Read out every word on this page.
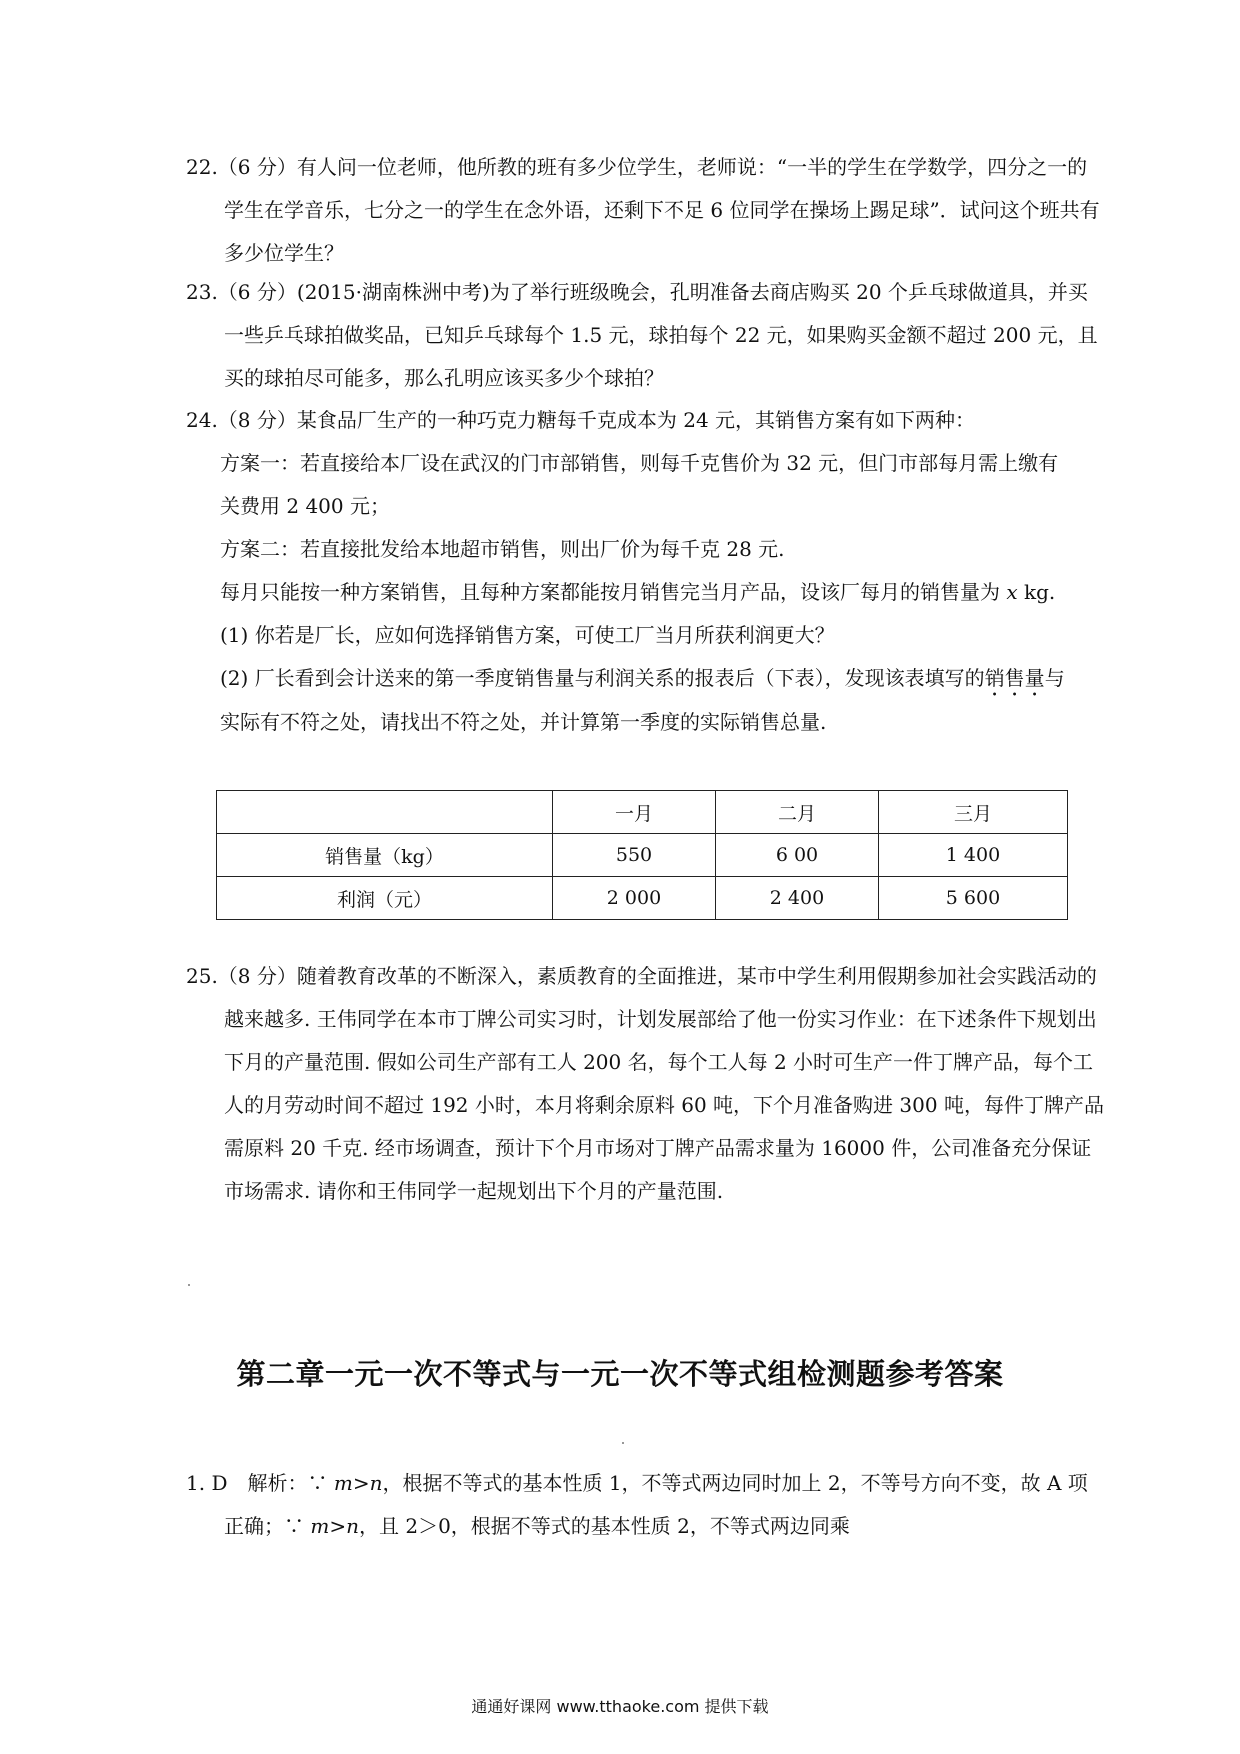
22.（6 分）有人问一位老师，他所教的班有多少位学生，老师说：“一半的学生在学数学，四分之一的学生在学音乐，七分之一的学生在念外语，还剩下不足 6 位同学在操场上踢足球”．试问这个班共有多少位学生？

23.（6 分）(2015·湖南株洲中考)为了举行班级晚会，孔明准备去商店购买 20 个乒乓球做道具，并买一些乒乓球拍做奖品，已知乒乓球每个 1.5 元，球拍每个 22 元，如果购买金额不超过 200 元，且买的球拍尽可能多，那么孔明应该买多少个球拍？

24.（8 分）某食品厂生产的一种巧克力糖每千克成本为 24 元，其销售方案有如下两种：

方案一：若直接给本厂设在武汉的门市部销售，则每千克售价为 32 元，但门市部每月需上缴有关费用 2 400 元；

方案二：若直接批发给本地超市销售，则出厂价为每千克 28 元.

每月只能按一种方案销售，且每种方案都能按月销售完当月产品，设该厂每月的销售量为 x kg.

(1) 你若是厂长，应如何选择销售方案，可使工厂当月所获利润更大？

(2) 厂长看到会计送来的第一季度销售量与利润关系的报表后（下表），发现该表填写的销售量与实际有不符之处，请找出不符之处，并计算第一季度的实际销售总量.

	一月	二月	三月
销售量（kg）	550	6 00	1 400
利润（元）	2 000	2 400	5 600

25.（8 分）随着教育改革的不断深入，素质教育的全面推进，某市中学生利用假期参加社会实践活动的越来越多. 王伟同学在本市丁牌公司实习时，计划发展部给了他一份实习作业：在下述条件下规划出下月的产量范围. 假如公司生产部有工人 200 名，每个工人每 2 小时可生产一件丁牌产品，每个工人的月劳动时间不超过 192 小时，本月将剩余原料 60 吨，下个月准备购进 300 吨，每件丁牌产品需原料 20 千克. 经市场调查，预计下个月市场对丁牌产品需求量为 16000 件，公司准备充分保证市场需求. 请你和王伟同学一起规划出下个月的产量范围.

第二章一元一次不等式与一元一次不等式组检测题参考答案

1. D　解析：∵ m>n，根据不等式的基本性质 1，不等式两边同时加上 2，不等号方向不变，故 A 项正确；∵ m>n，且 2＞0，根据不等式的基本性质 2，不等式两边同乘

通通好课网 www.tthaoke.com 提供下载
